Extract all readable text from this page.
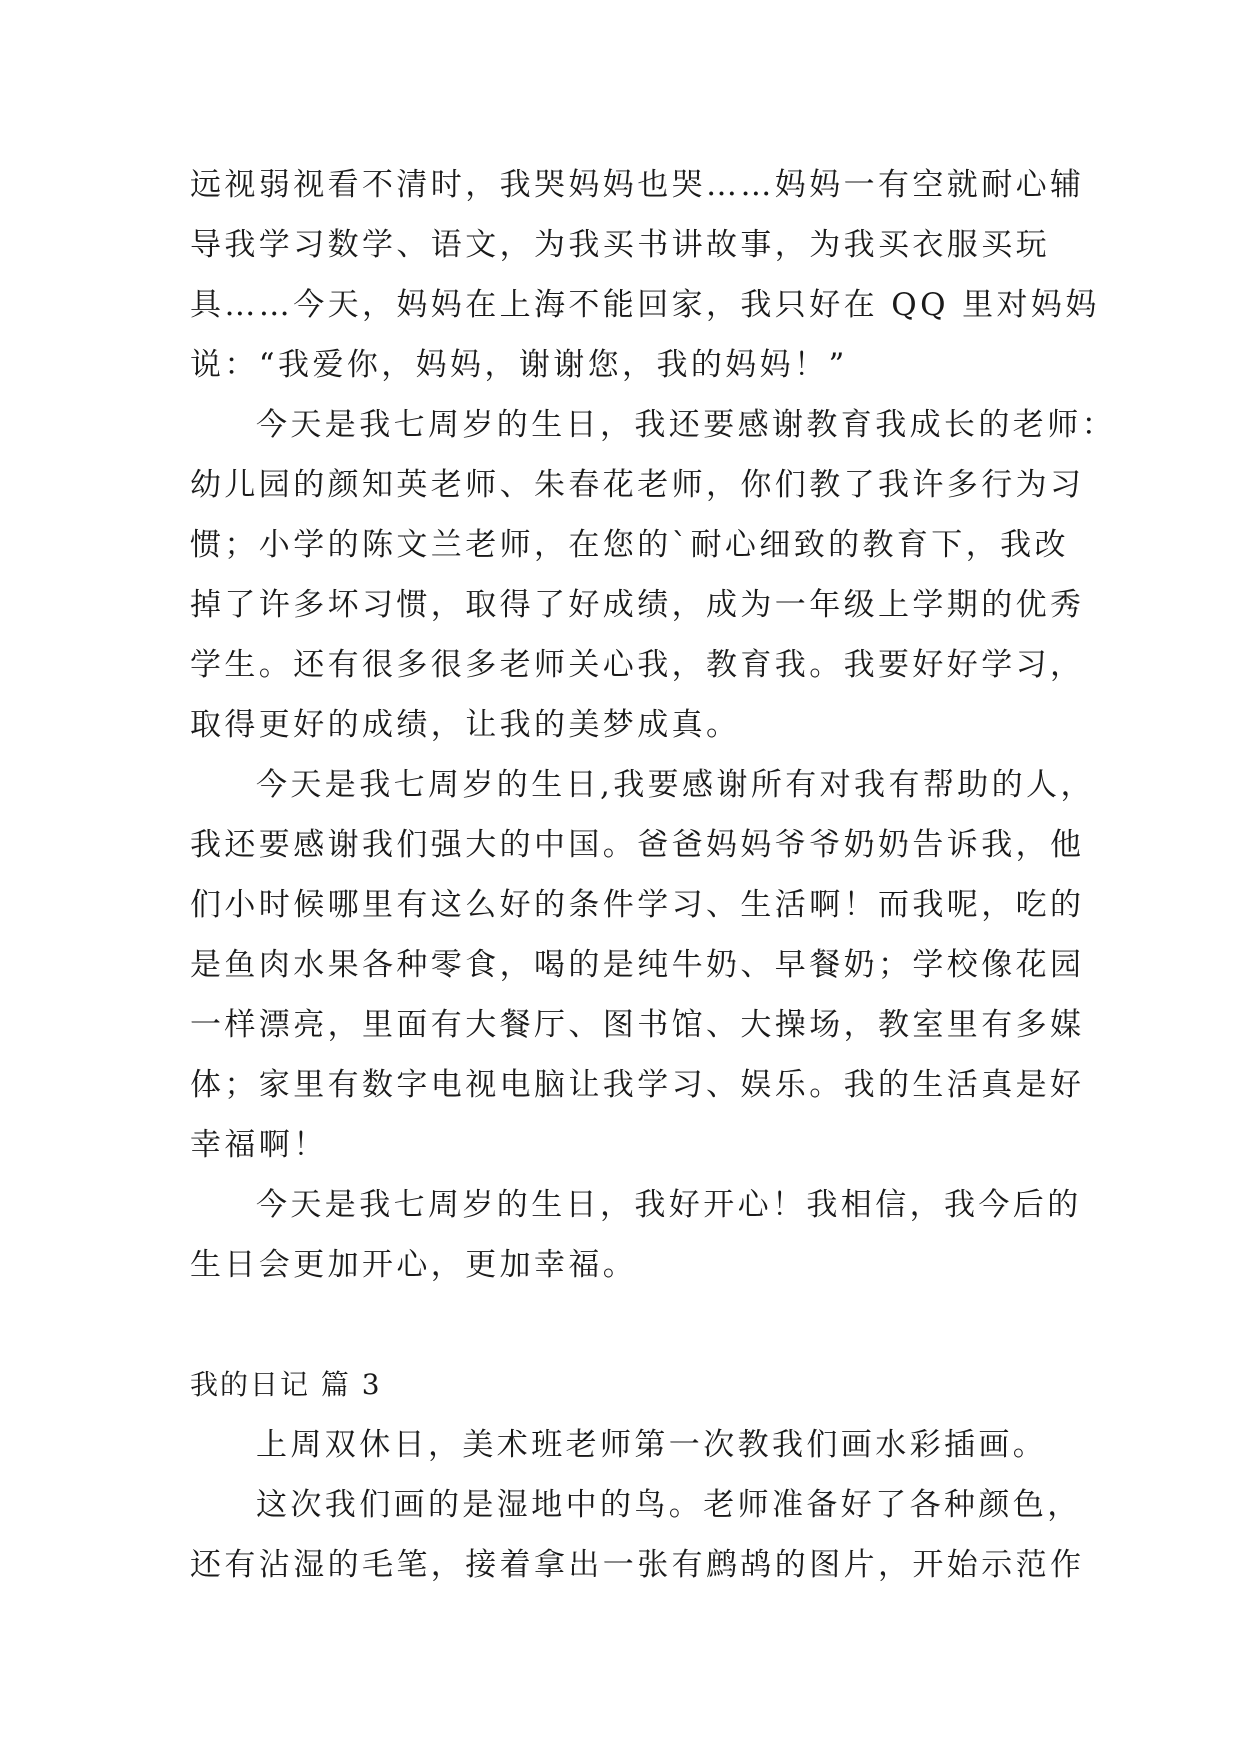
远视弱视看不清时，我哭妈妈也哭……妈妈一有空就耐心辅
导我学习数学、语文，为我买书讲故事，为我买衣服买玩
具……今天，妈妈在上海不能回家，我只好在 QQ 里对妈妈
说：“我爱你，妈妈，谢谢您，我的妈妈！”
今天是我七周岁的生日，我还要感谢教育我成长的老师：
幼儿园的颜知英老师、朱春花老师，你们教了我许多行为习
惯；小学的陈文兰老师，在您的`耐心细致的教育下，我改
掉了许多坏习惯，取得了好成绩，成为一年级上学期的优秀
学生。还有很多很多老师关心我，教育我。我要好好学习，
取得更好的成绩，让我的美梦成真。
今天是我七周岁的生日,我要感谢所有对我有帮助的人，
我还要感谢我们强大的中国。爸爸妈妈爷爷奶奶告诉我，他
们小时候哪里有这么好的条件学习、生活啊！而我呢，吃的
是鱼肉水果各种零食，喝的是纯牛奶、早餐奶；学校像花园
一样漂亮，里面有大餐厅、图书馆、大操场，教室里有多媒
体；家里有数字电视电脑让我学习、娱乐。我的生活真是好
幸福啊！
今天是我七周岁的生日，我好开心！我相信，我今后的
生日会更加开心，更加幸福。
我的日记 篇 3
上周双休日，美术班老师第一次教我们画水彩插画。
这次我们画的是湿地中的鸟。老师准备好了各种颜色，
还有沾湿的毛笔，接着拿出一张有鹧鸪的图片，开始示范作
